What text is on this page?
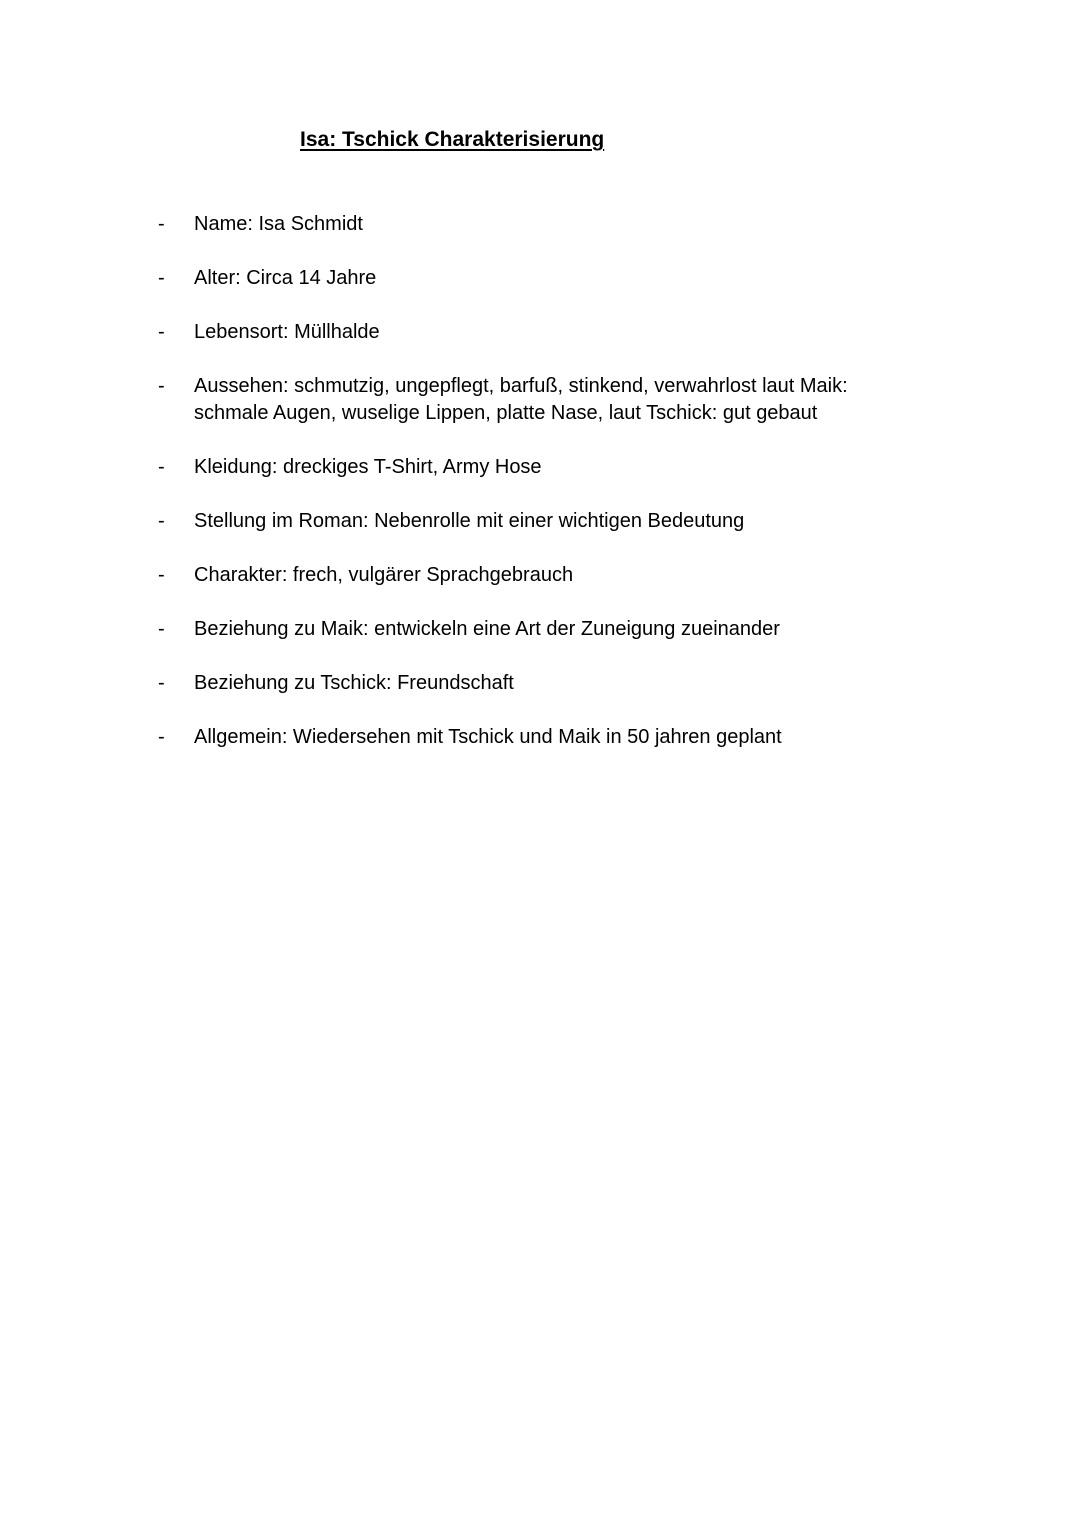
Isa: Tschick Charakterisierung
- Name: Isa Schmidt
- Alter: Circa 14 Jahre
- Lebensort: Müllhalde
- Aussehen: schmutzig, ungepflegt, barfuß, stinkend, verwahrlost laut Maik:
schmale Augen, wuselige Lippen, platte Nase, laut Tschick: gut gebaut
- Kleidung: dreckiges T-Shirt, Army Hose
- Stellung im Roman: Nebenrolle mit einer wichtigen Bedeutung
- Charakter: frech, vulgärer Sprachgebrauch
- Beziehung zu Maik: entwickeln eine Art der Zuneigung zueinander
- Beziehung zu Tschick: Freundschaft
- Allgemein: Wiedersehen mit Tschick und Maik in 50 jahren geplant
